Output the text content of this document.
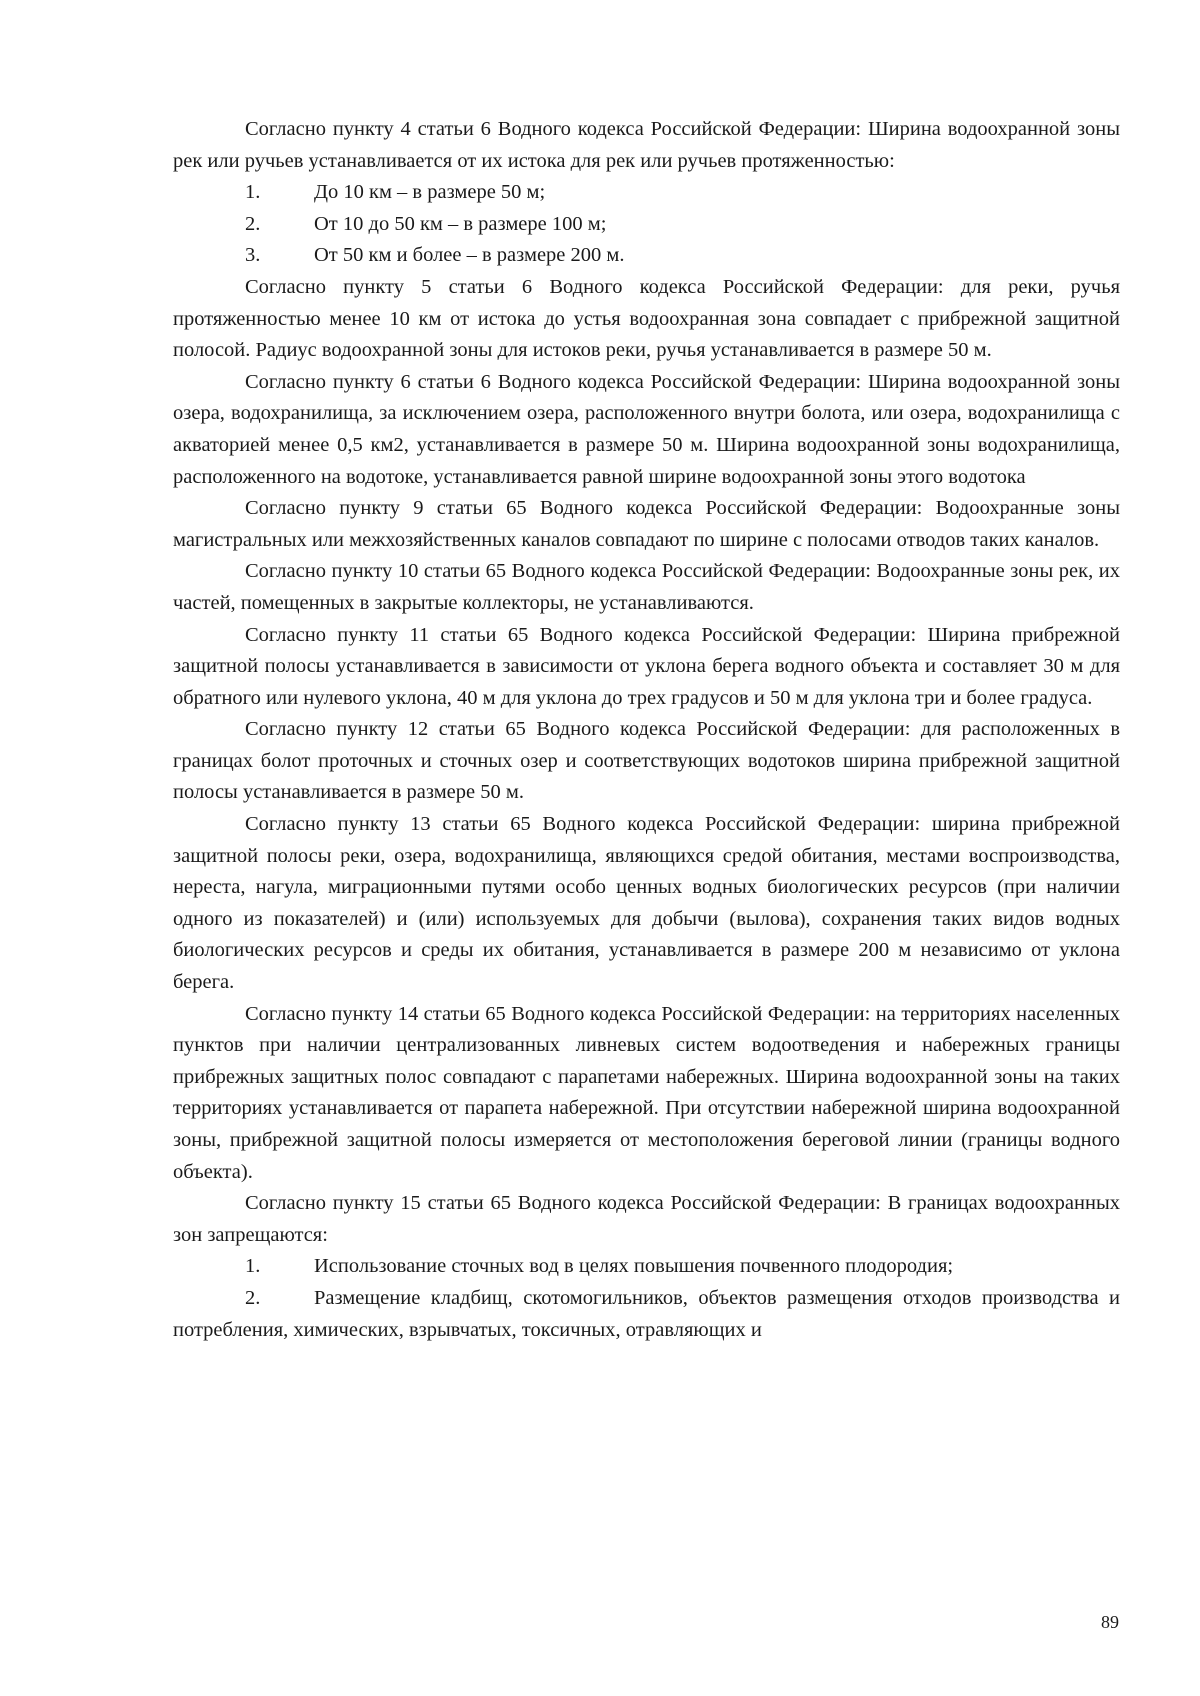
Согласно пункту 4 статьи 6 Водного кодекса Российской Федерации: Ширина водоохранной зоны рек или ручьев устанавливается от их истока для рек или ручьев протяженностью:

1.	До 10 км – в размере 50 м;

2.	От 10 до 50 км – в размере 100 м;

3.	От 50 км и более – в размере 200 м.

Согласно пункту 5 статьи 6 Водного кодекса Российской Федерации: для реки, ручья протяженностью менее 10 км от истока до устья водоохранная зона совпадает с прибрежной защитной полосой. Радиус водоохранной зоны для истоков реки, ручья устанавливается в размере 50 м.

Согласно пункту 6 статьи 6 Водного кодекса Российской Федерации: Ширина водоохранной зоны озера, водохранилища, за исключением озера, расположенного внутри болота, или озера, водохранилища с акваторией менее 0,5 км2, устанавливается в размере 50 м. Ширина водоохранной зоны водохранилища, расположенного на водотоке, устанавливается равной ширине водоохранной зоны этого водотока

Согласно пункту 9 статьи 65 Водного кодекса Российской Федерации: Водоохранные зоны магистральных или межхозяйственных каналов совпадают по ширине с полосами отводов таких каналов.

Согласно пункту 10 статьи 65 Водного кодекса Российской Федерации: Водоохранные зоны рек, их частей, помещенных в закрытые коллекторы, не устанавливаются.

Согласно пункту 11 статьи 65 Водного кодекса Российской Федерации: Ширина прибрежной защитной полосы устанавливается в зависимости от уклона берега водного объекта и составляет 30 м для обратного или нулевого уклона, 40 м для уклона до трех градусов и 50 м для уклона три и более градуса.

Согласно пункту 12 статьи 65 Водного кодекса Российской Федерации: для расположенных в границах болот проточных и сточных озер и соответствующих водотоков ширина прибрежной защитной полосы устанавливается в размере 50 м.

Согласно пункту 13 статьи 65 Водного кодекса Российской Федерации: ширина прибрежной защитной полосы реки, озера, водохранилища, являющихся средой обитания, местами воспроизводства, нереста, нагула, миграционными путями особо ценных водных биологических ресурсов (при наличии одного из показателей) и (или) используемых для добычи (вылова), сохранения таких видов водных биологических ресурсов и среды их обитания, устанавливается в размере 200 м независимо от уклона берега.

Согласно пункту 14 статьи 65 Водного кодекса Российской Федерации: на территориях населенных пунктов при наличии централизованных ливневых систем водоотведения и набережных границы прибрежных защитных полос совпадают с парапетами набережных. Ширина водоохранной зоны на таких территориях устанавливается от парапета набережной. При отсутствии набережной ширина водоохранной зоны, прибрежной защитной полосы измеряется от местоположения береговой линии (границы водного объекта).

Согласно пункту 15 статьи 65 Водного кодекса Российской Федерации: В границах водоохранных зон запрещаются:

1.	Использование сточных вод в целях повышения почвенного плодородия;

2.	Размещение кладбищ, скотомогильников, объектов размещения отходов производства и потребления, химических, взрывчатых, токсичных, отравляющих и

89
